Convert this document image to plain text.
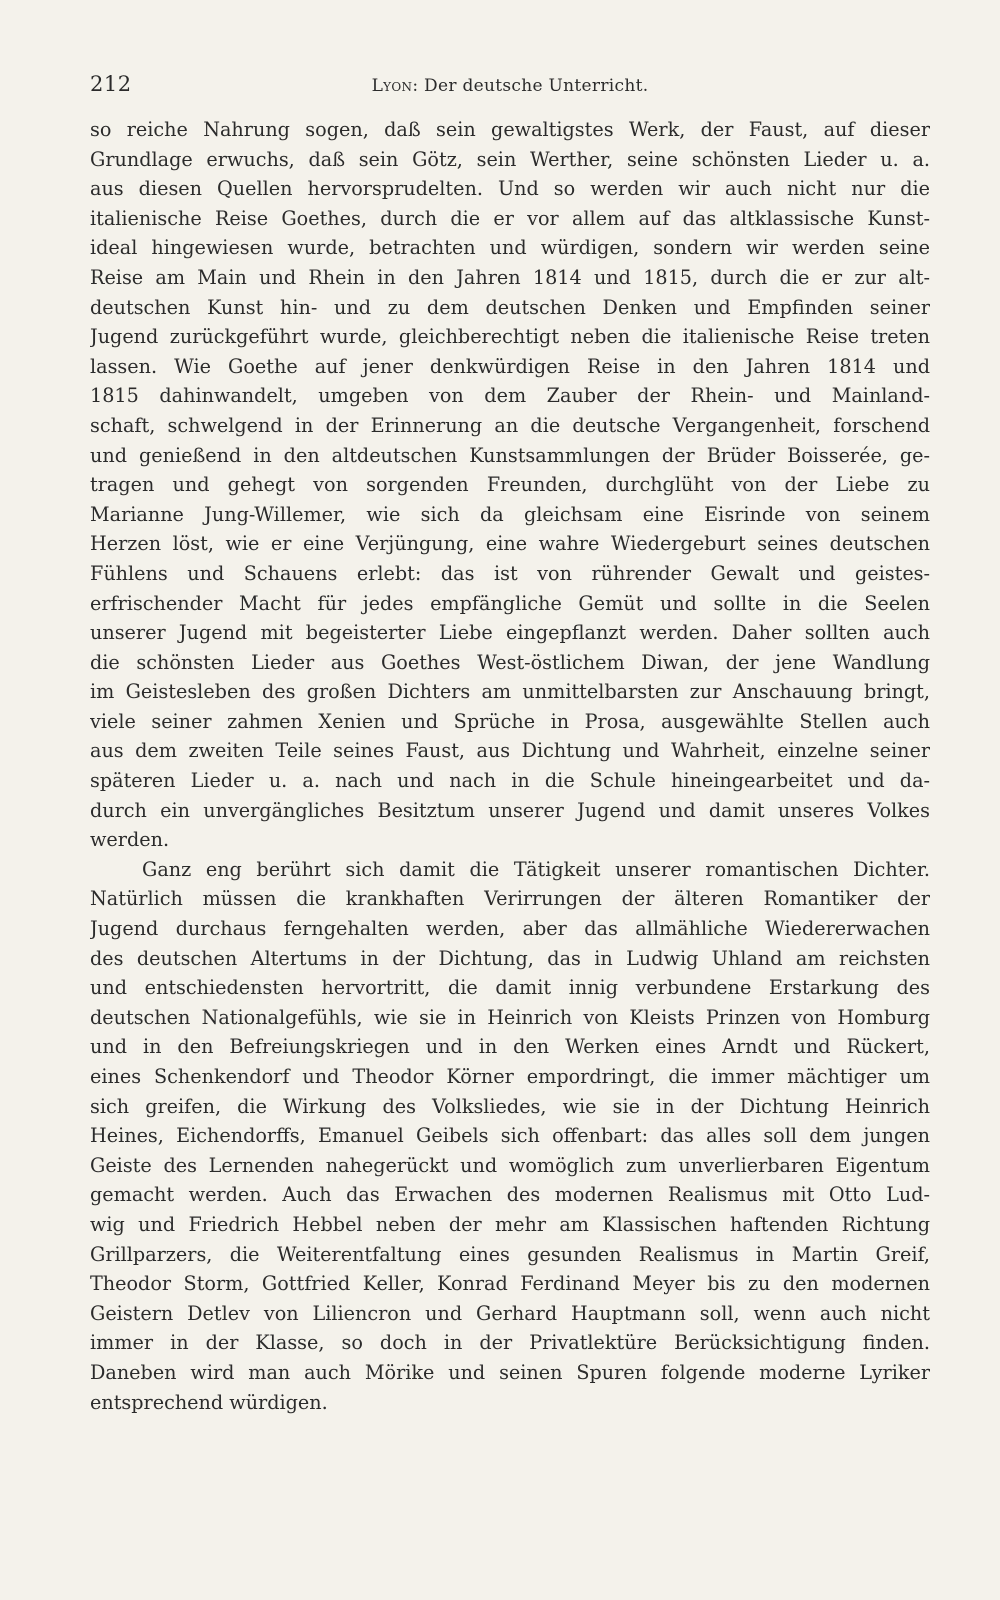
212	Lyon: Der deutsche Unterricht.
so reiche Nahrung sogen, daß sein gewaltigstes Werk, der Faust, auf dieser
Grundlage erwuchs, daß sein Götz, sein Werther, seine schönsten Lieder u. a.
aus diesen Quellen hervorsprudelten. Und so werden wir auch nicht nur die
italienische Reise Goethes, durch die er vor allem auf das altklassische Kunst-
ideal hingewiesen wurde, betrachten und würdigen, sondern wir werden seine
Reise am Main und Rhein in den Jahren 1814 und 1815, durch die er zur alt-
deutschen Kunst hin- und zu dem deutschen Denken und Empfinden seiner
Jugend zurückgeführt wurde, gleichberechtigt neben die italienische Reise treten
lassen. Wie Goethe auf jener denkwürdigen Reise in den Jahren 1814 und
1815 dahinwandelt, umgeben von dem Zauber der Rhein- und Mainland-
schaft, schwelgend in der Erinnerung an die deutsche Vergangenheit, forschend
und genießend in den altdeutschen Kunstsammlungen der Brüder Boisserée, ge-
tragen und gehegt von sorgenden Freunden, durchglüht von der Liebe zu
Marianne Jung-Willemer, wie sich da gleichsam eine Eisrinde von seinem
Herzen löst, wie er eine Verjüngung, eine wahre Wiedergeburt seines deutschen
Fühlens und Schauens erlebt: das ist von rührender Gewalt und geistes-
erfrischender Macht für jedes empfängliche Gemüt und sollte in die Seelen
unserer Jugend mit begeisterter Liebe eingepflanzt werden. Daher sollten auch
die schönsten Lieder aus Goethes West-östlichem Diwan, der jene Wandlung
im Geistesleben des großen Dichters am unmittelbarsten zur Anschauung bringt,
viele seiner zahmen Xenien und Sprüche in Prosa, ausgewählte Stellen auch
aus dem zweiten Teile seines Faust, aus Dichtung und Wahrheit, einzelne seiner
späteren Lieder u. a. nach und nach in die Schule hineingearbeitet und da-
durch ein unvergängliches Besitztum unserer Jugend und damit unseres Volkes
werden.
Ganz eng berührt sich damit die Tätigkeit unserer romantischen Dichter.
Natürlich müssen die krankhaften Verirrungen der älteren Romantiker der
Jugend durchaus ferngehalten werden, aber das allmähliche Wiedererwachen
des deutschen Altertums in der Dichtung, das in Ludwig Uhland am reichsten
und entschiedensten hervortritt, die damit innig verbundene Erstarkung des
deutschen Nationalgefühls, wie sie in Heinrich von Kleists Prinzen von Homburg
und in den Befreiungskriegen und in den Werken eines Arndt und Rückert,
eines Schenkendorf und Theodor Körner empordringt, die immer mächtiger um
sich greifen, die Wirkung des Volksliedes, wie sie in der Dichtung Heinrich
Heines, Eichendorffs, Emanuel Geibels sich offenbart: das alles soll dem jungen
Geiste des Lernenden nahegerückt und womöglich zum unverlierbaren Eigentum
gemacht werden. Auch das Erwachen des modernen Realismus mit Otto Lud-
wig und Friedrich Hebbel neben der mehr am Klassischen haftenden Richtung
Grillparzers, die Weiterentfaltung eines gesunden Realismus in Martin Greif,
Theodor Storm, Gottfried Keller, Konrad Ferdinand Meyer bis zu den modernen
Geistern Detlev von Liliencron und Gerhard Hauptmann soll, wenn auch nicht
immer in der Klasse, so doch in der Privatlektüre Berücksichtigung finden.
Daneben wird man auch Mörike und seinen Spuren folgende moderne Lyriker
entsprechend würdigen.
